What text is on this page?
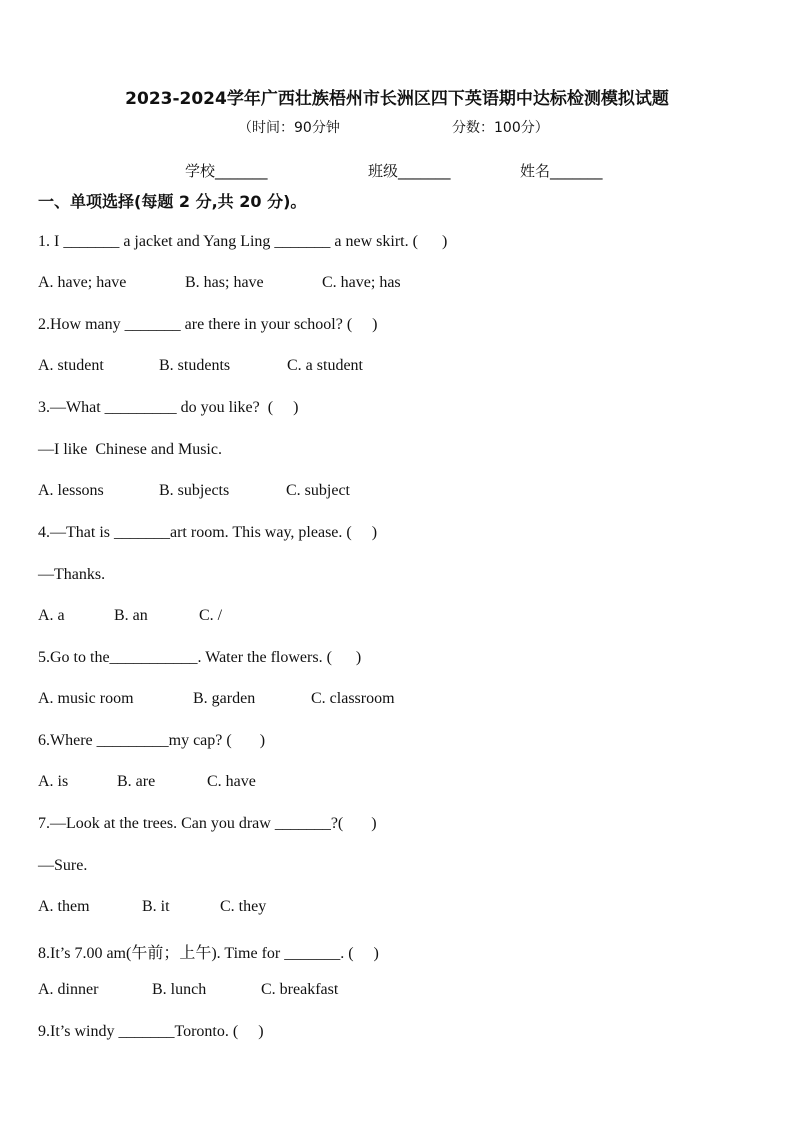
2023-2024学年广西壮族梧州市长洲区四下英语期中达标检测模拟试题
（时间：90分钟	分数：100分）
学校_______	班级_______	姓名_______
一、单项选择(每题 2 分,共 20 分)。
1. I _______ a jacket and Yang Ling _______ a new skirt. (      )
A. have; have	B. has; have	C. have; has
2.How many _______ are there in your school? (     )
A. student	B. students	C. a student
3.—What _________ do you like?  (     )
—I like  Chinese and Music.
A. lessons	B. subjects	C. subject
4.—That is _______art room. This way, please. (     )
—Thanks.
A. a	B. an	C. /
5.Go to the___________. Water the flowers. (      )
A. music room	B. garden	C. classroom
6.Where _________my cap? (       )
A. is	B. are	C. have
7.—Look at the trees. Can you draw _______?(       )
—Sure.
A. them	B. it	C. they
8.It’s 7.00 am(午前；上午). Time for _______. (     )
A. dinner	B. lunch	C. breakfast
9.It’s windy _______Toronto. (     )
